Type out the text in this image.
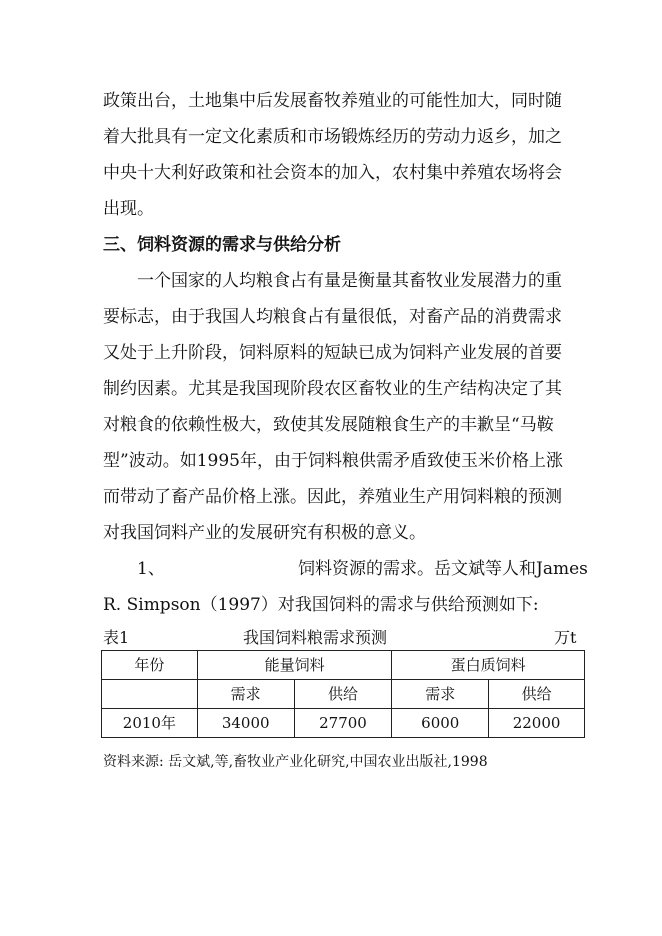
政策出台，土地集中后发展畜牧养殖业的可能性加大，同时随
着大批具有一定文化素质和市场锻炼经历的劳动力返乡，加之
中央十大利好政策和社会资本的加入，农村集中养殖农场将会
出现。
三、饲料资源的需求与供给分析
一个国家的人均粮食占有量是衡量其畜牧业发展潜力的重
要标志，由于我国人均粮食占有量很低，对畜产品的消费需求
又处于上升阶段，饲料原料的短缺已成为饲料产业发展的首要
制约因素。尤其是我国现阶段农区畜牧业的生产结构决定了其
对粮食的依赖性极大，致使其发展随粮食生产的丰歉呈“马鞍
型”波动。如1995年，由于饲料粮供需矛盾致使玉米价格上涨
而带动了畜产品价格上涨。因此，养殖业生产用饲料粮的预测
对我国饲料产业的发展研究有积极的意义。
1、	饲料资源的需求。岳文斌等人和James
R. Simpson（1997）对我国饲料的需求与供给预测如下:
表1	我国饲料粮需求预测	万t
年份	能量饲料		蛋白质饲料	
	需求	供给	需求	供给
2010年	34000	27700	6000	22000
资料来源: 岳文斌,等,畜牧业产业化研究,中国农业出版社,1998
